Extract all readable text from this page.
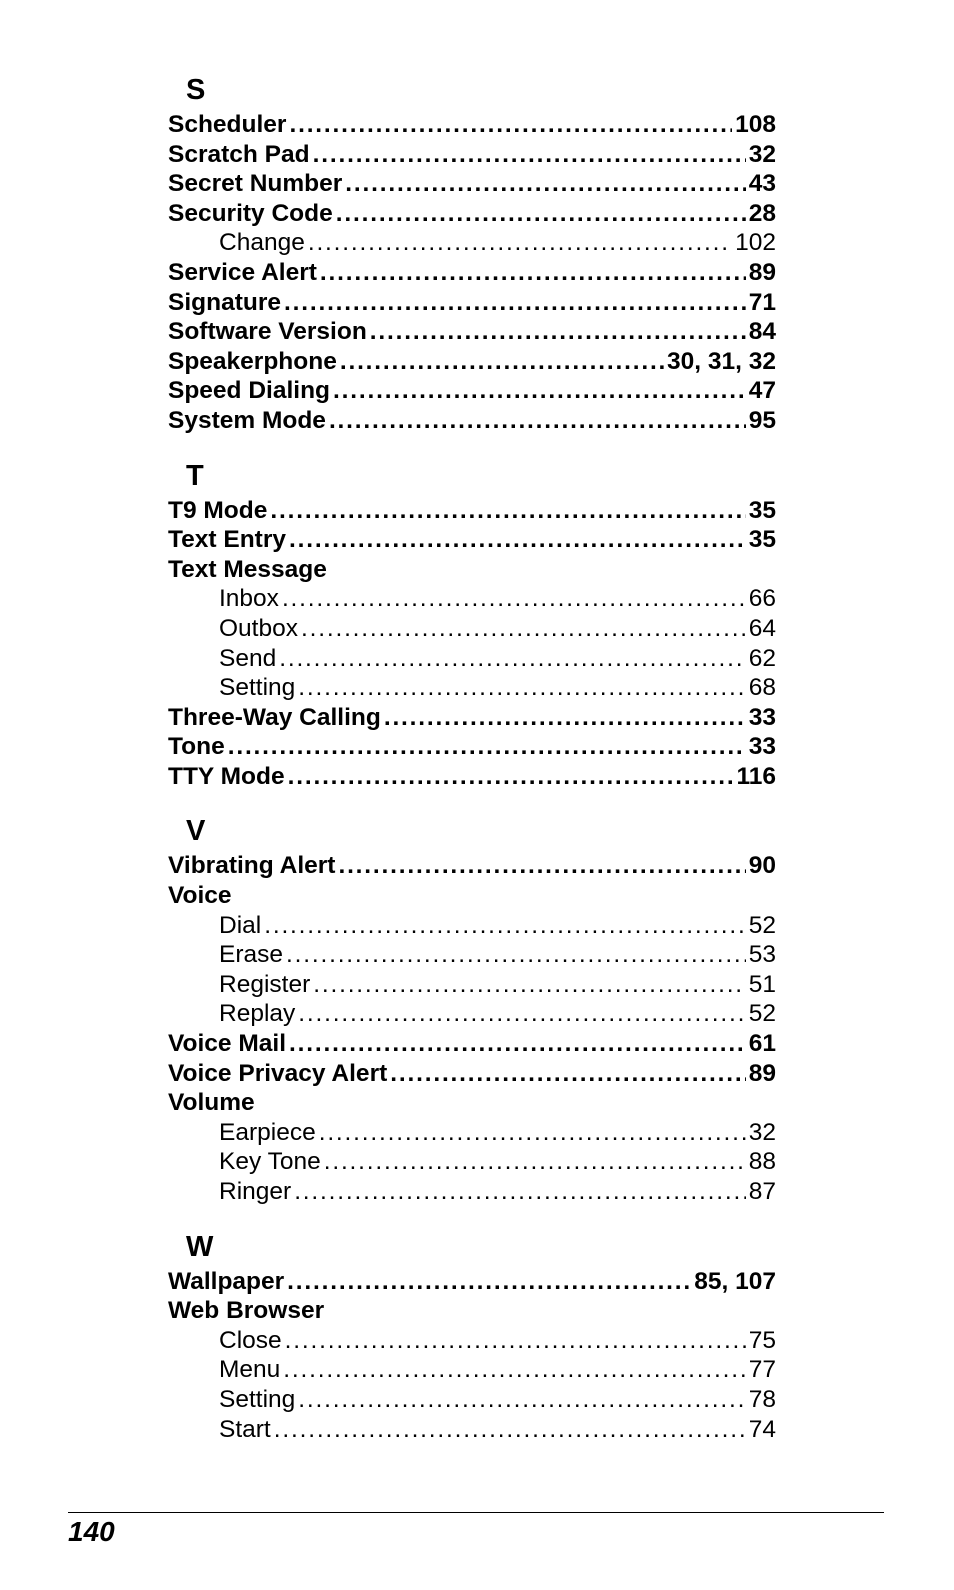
S
Scheduler . . .	108
Scratch Pad . . .	32
Secret Number . . .	43
Security Code . . .	28
Change . . .	102
Service Alert . . .	89
Signature . . .	71
Software Version . . .	84
Speakerphone . . .	30, 31, 32
Speed Dialing . . .	47
System Mode . . .	95
T
T9 Mode . . .	35
Text Entry . . .	35
Text Message
Inbox . . .	66
Outbox . . .	64
Send . . .	62
Setting . . .	68
Three-Way Calling . . .	33
Tone . . .	33
TTY Mode . . .	116
V
Vibrating Alert . . .	90
Voice
Dial . . .	52
Erase . . .	53
Register . . .	51
Replay . . .	52
Voice Mail . . .	61
Voice Privacy Alert . . .	89
Volume
Earpiece . . .	32
Key Tone . . .	88
Ringer . . .	87
W
Wallpaper . . .	85, 107
Web Browser
Close . . .	75
Menu . . .	77
Setting . . .	78
Start . . .	74
140
